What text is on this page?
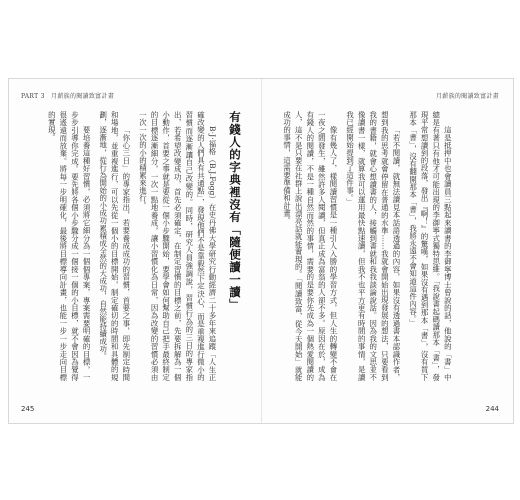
PART 3　月薪族的閱讀致富計畫	月薪族的閱讀致富計畫
有錢人的字典裡沒有「隨便讀一讀」

B‧J‧福格（B.J.Fogg）在史丹佛大學研究行動經濟二十多年來追蹤「人生正確改變的人們具有共通點」，發現他們不是靠毅然下定決心，而是重複進行微小的習慣而逐漸讓自己改變的。同時，研究人員強調說，習慣行為的三日的專家指出，若希望改變成功，首先必須確定，在制定習慣的目標之前，先要拆解為一個小動作，首要之事就是要從一個小步驟開始，要學會如何幫助自己把手最終制定的目標逐漸細分，一次一點地養成，讓小習慣化為日常，因為改變的習慣必須由一次一次的小的積累來進行。

「你心三日」的專家指出，若要養成成功的習慣，首要之事，即先制定時間和場地，並重複進行，可以先從一個小的目標開始，制定確切的時間和具體的規劃，逐漸地，從行為開始的小成功累積成全然的大成功，自然能持續成功。

要培養這種好習慣，必須將它細分為一個個專案，專案需要明確的目標，一步步引導你完成。要先將各個小步驟分成一個接一個的小目標，就不會因為覺得很遙遠而放棄。將每一步明確化，最後將目標導向計畫，也能一步一步走向目標的實現。	這是抵押中也會讀員三點起來讀書的李御寧博士曾說的話，他說的「書」中總是有著只有他才可能出現的李御寧式獨特思維。「我說書起碼讀那本「書」，發現平常想讀到的段落，發出『啊！』的驚嘆，如果沒有遇到那本「書」，沒有買下那本「書」，沒有翻開那本「書」，我將永遠不會知道這件內容。」

「若不閱讀，就無法讀見本話語透過的內容，如果沒有透過書本認識作者，想到我的思考就會停留在普通的水準……我就會開始出現發展的想法，只要看到我的書籍，就會心想讀書的人，接觸到書就和我我談論說話。因為我的文思並不像讀書一樣，就算我可以運用最快點速讀，但我不也平方更有時間的事情，是讀我已經開始提到了這件事。」

像有幾人了，樣閱讀習慣是一種引人入勝的學習方式，但人生的轉變不會在一夜之間發生，雖然許多人閱讀，但真正成為富翁的人卻不多。原因在於，成為有錢人的閱讀，不是一種自然而然的事情，需要的是要你先成為一個熱愛閱讀的人，這不是只要在社群上說出漂亮話就能實現的。「閱讀致富，從今天開始」就能成功的事情，這需要準備和計畫。

245	244
